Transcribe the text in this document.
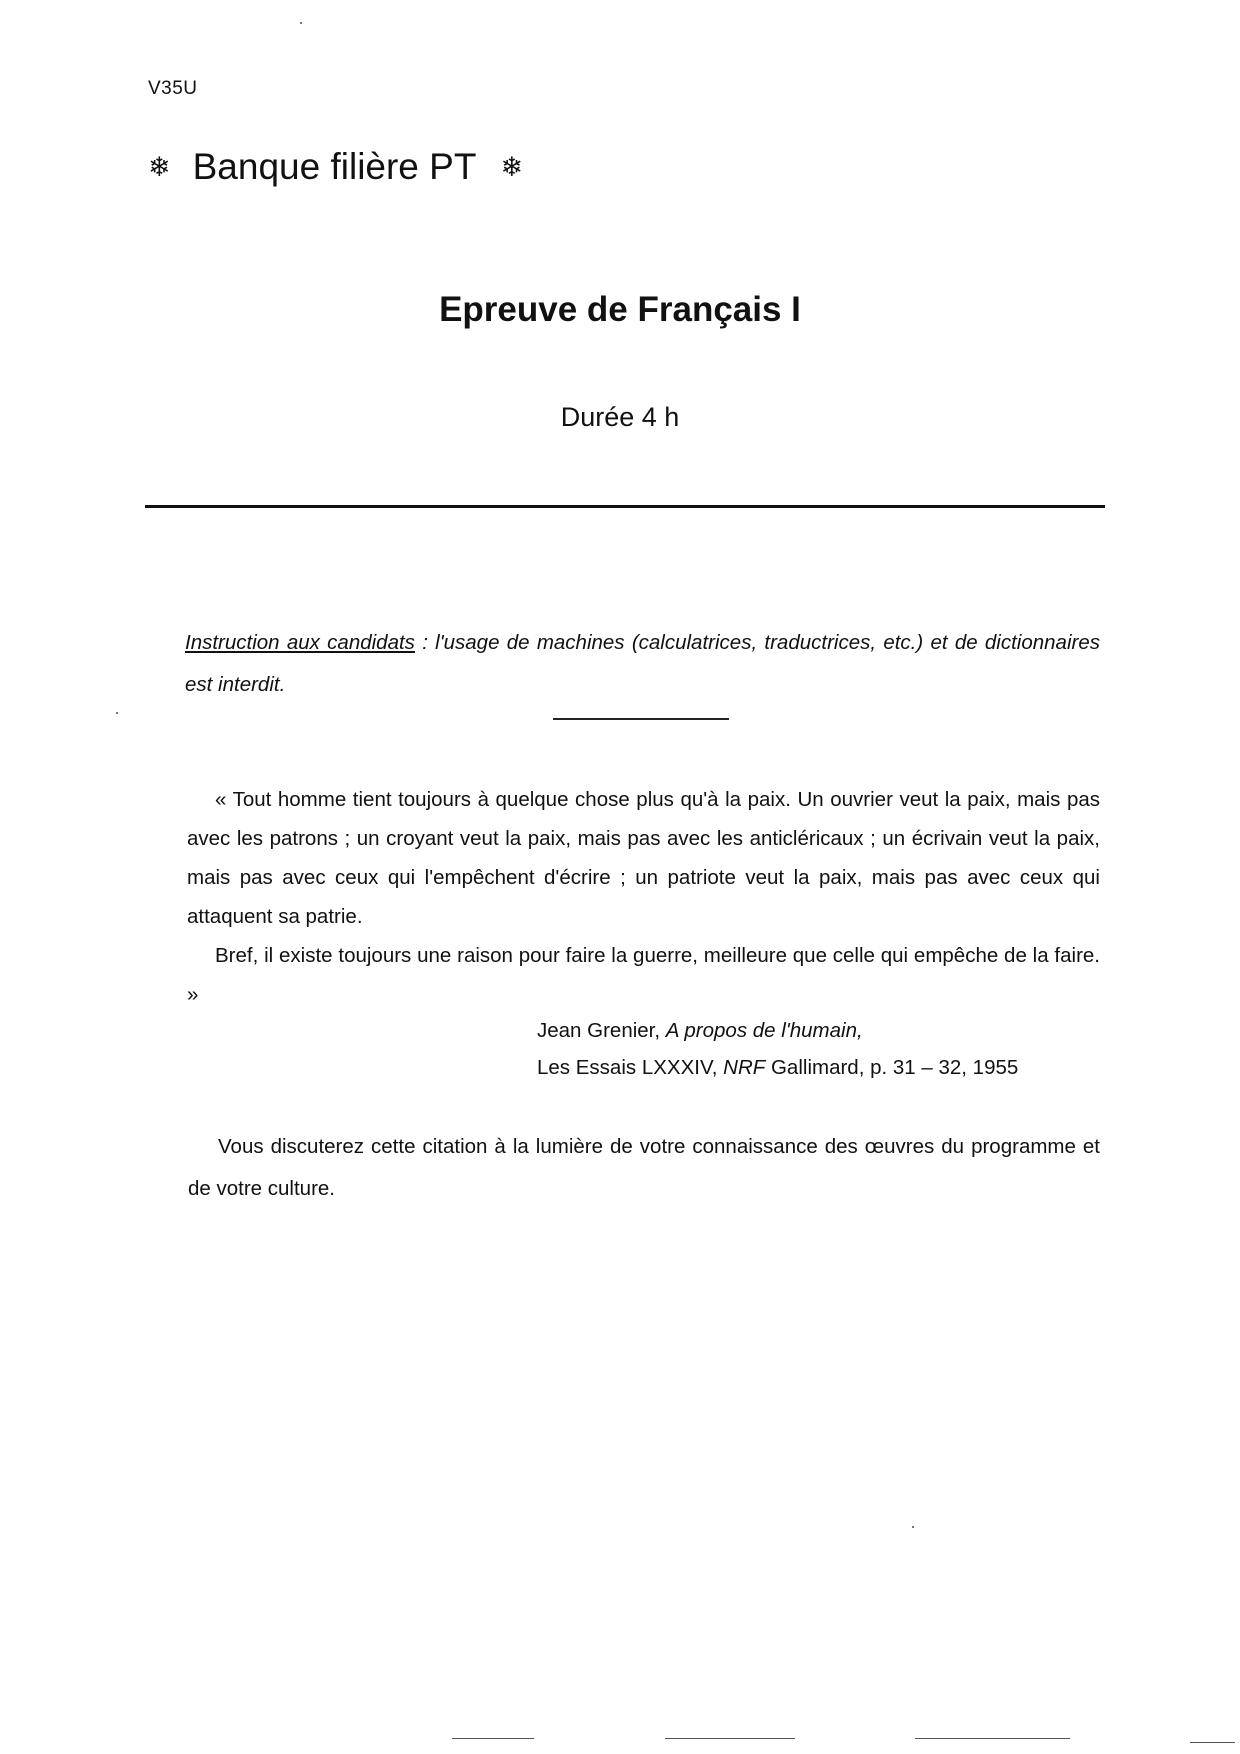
V35U
❄ Banque filière PT ❄
Epreuve de Français I
Durée 4 h
Instruction aux candidats : l'usage de machines (calculatrices, traductrices, etc.) et de dictionnaires est interdit.

« Tout homme tient toujours à quelque chose plus qu'à la paix. Un ouvrier veut la paix, mais pas avec les patrons ; un croyant veut la paix, mais pas avec les anticléricaux ; un écrivain veut la paix, mais pas avec ceux qui l'empêchent d'écrire ; un patriote veut la paix, mais pas avec ceux qui attaquent sa patrie.

Bref, il existe toujours une raison pour faire la guerre, meilleure que celle qui empêche de la faire. »

Jean Grenier, A propos de l'humain,
Les Essais LXXXIV, NRF Gallimard, p. 31 – 32, 1955
Vous discuterez cette citation à la lumière de votre connaissance des œuvres du programme et de votre culture.
